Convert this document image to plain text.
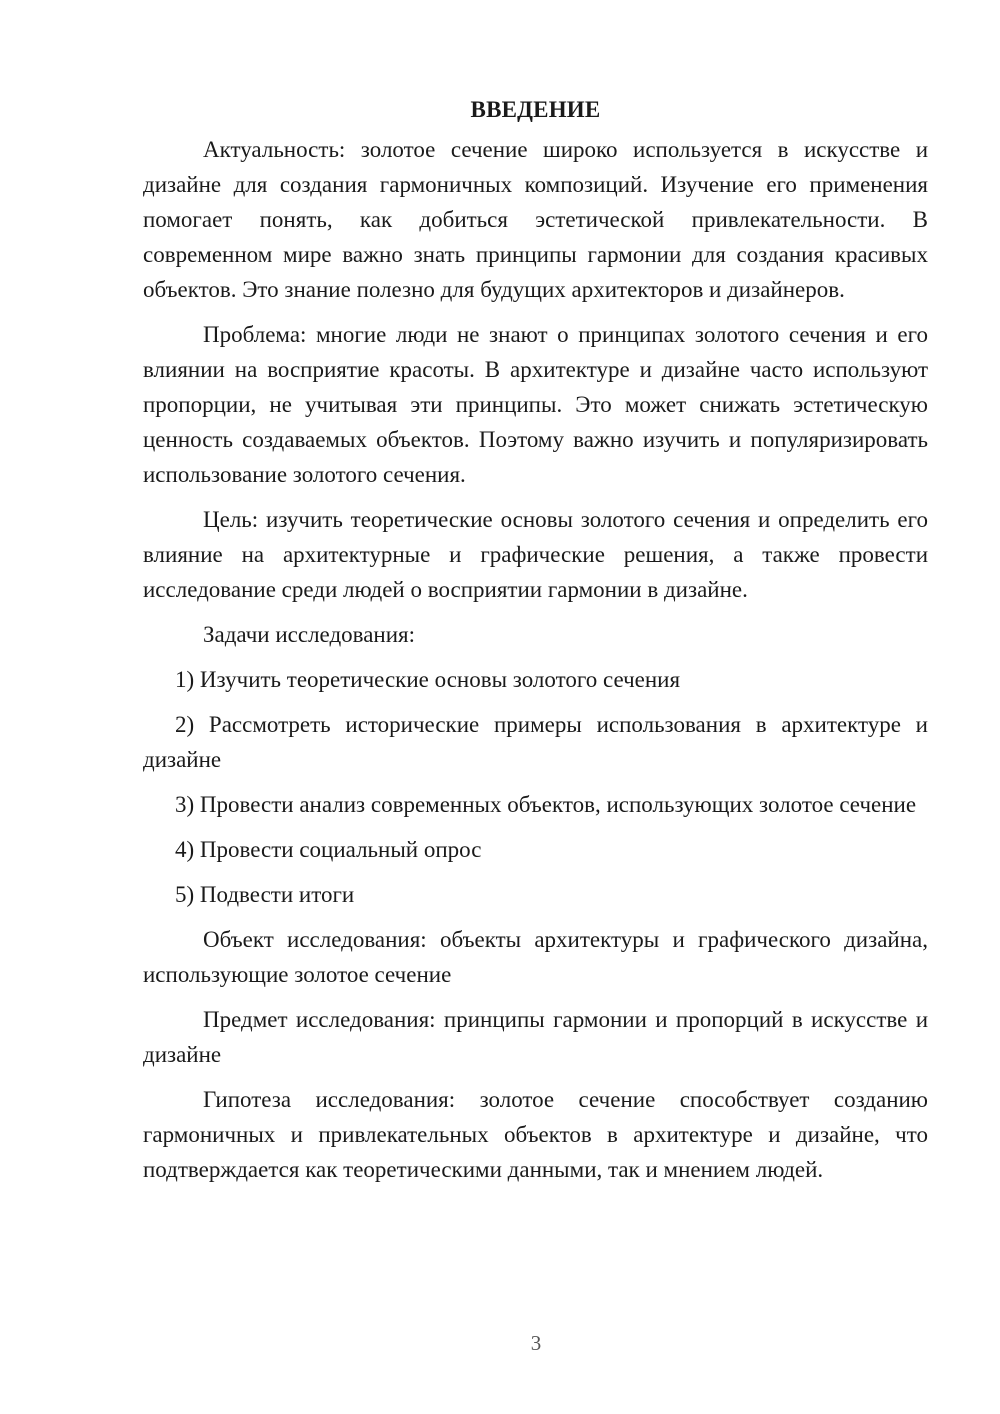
ВВЕДЕНИЕ

Актуальность: золотое сечение широко используется в искусстве и дизайне для создания гармоничных композиций. Изучение его применения помогает понять, как добиться эстетической привлекательности. В современном мире важно знать принципы гармонии для создания красивых объектов. Это знание полезно для будущих архитекторов и дизайнеров.

Проблема: многие люди не знают о принципах золотого сечения и его влиянии на восприятие красоты. В архитектуре и дизайне часто используют пропорции, не учитывая эти принципы. Это может снижать эстетическую ценность создаваемых объектов. Поэтому важно изучить и популяризировать использование золотого сечения.

Цель: изучить теоретические основы золотого сечения и определить его влияние на архитектурные и графические решения, а также провести исследование среди людей о восприятии гармонии в дизайне.

Задачи исследования:

1) Изучить теоретические основы золотого сечения

2) Рассмотреть исторические примеры использования в архитектуре и дизайне

3) Провести анализ современных объектов, использующих золотое сечение

4) Провести социальный опрос

5) Подвести итоги

Объект исследования: объекты архитектуры и графического дизайна, использующие золотое сечение

Предмет исследования: принципы гармонии и пропорций в искусстве и дизайне

Гипотеза исследования: золотое сечение способствует созданию гармоничных и привлекательных объектов в архитектуре и дизайне, что подтверждается как теоретическими данными, так и мнением людей.

3
